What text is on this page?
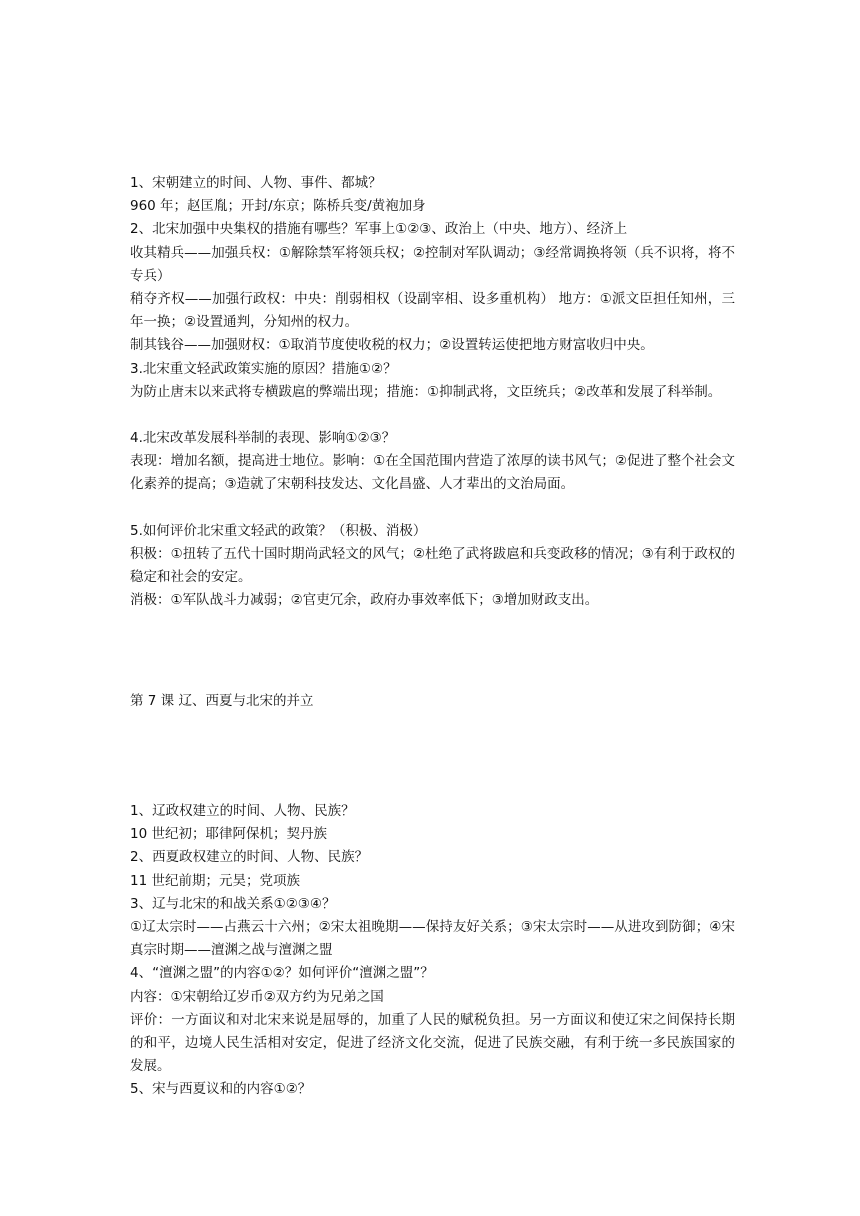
1、宋朝建立的时间、人物、事件、都城？
960 年；赵匡胤；开封/东京；陈桥兵变/黄袍加身
2、北宋加强中央集权的措施有哪些？军事上①②③、政治上（中央、地方）、经济上
收其精兵——加强兵权：①解除禁军将领兵权；②控制对军队调动；③经常调换将领（兵不识将，将不专兵）
稍夺齐权——加强行政权：中央：削弱相权（设副宰相、设多重机构） 地方：①派文臣担任知州，三年一换；②设置通判，分知州的权力。
制其钱谷——加强财权：①取消节度使收税的权力；②设置转运使把地方财富收归中央。
3.北宋重文轻武政策实施的原因？措施①②？
为防止唐末以来武将专横跋扈的弊端出现；措施：①抑制武将，文臣统兵；②改革和发展了科举制。
4.北宋改革发展科举制的表现、影响①②③？
表现：增加名额，提高进士地位。影响：①在全国范围内营造了浓厚的读书风气；②促进了整个社会文化素养的提高；③造就了宋朝科技发达、文化昌盛、人才辈出的文治局面。
5.如何评价北宋重文轻武的政策？（积极、消极）
积极：①扭转了五代十国时期尚武轻文的风气；②杜绝了武将跋扈和兵变政移的情况；③有利于政权的稳定和社会的安定。
消极：①军队战斗力减弱；②官吏冗余，政府办事效率低下；③增加财政支出。
第 7 课 辽、西夏与北宋的并立
1、辽政权建立的时间、人物、民族？
10 世纪初；耶律阿保机；契丹族
2、西夏政权建立的时间、人物、民族？
11 世纪前期；元昊；党项族
3、辽与北宋的和战关系①②③④？
①辽太宗时——占燕云十六州；②宋太祖晚期——保持友好关系；③宋太宗时——从进攻到防御；④宋真宗时期——澶渊之战与澶渊之盟
4、“澶渊之盟”的内容①②？如何评价“澶渊之盟”？
内容：①宋朝给辽岁币②双方约为兄弟之国
评价：一方面议和对北宋来说是屈辱的，加重了人民的赋税负担。另一方面议和使辽宋之间保持长期的和平，边境人民生活相对安定，促进了经济文化交流，促进了民族交融，有利于统一多民族国家的发展。
5、宋与西夏议和的内容①②？
